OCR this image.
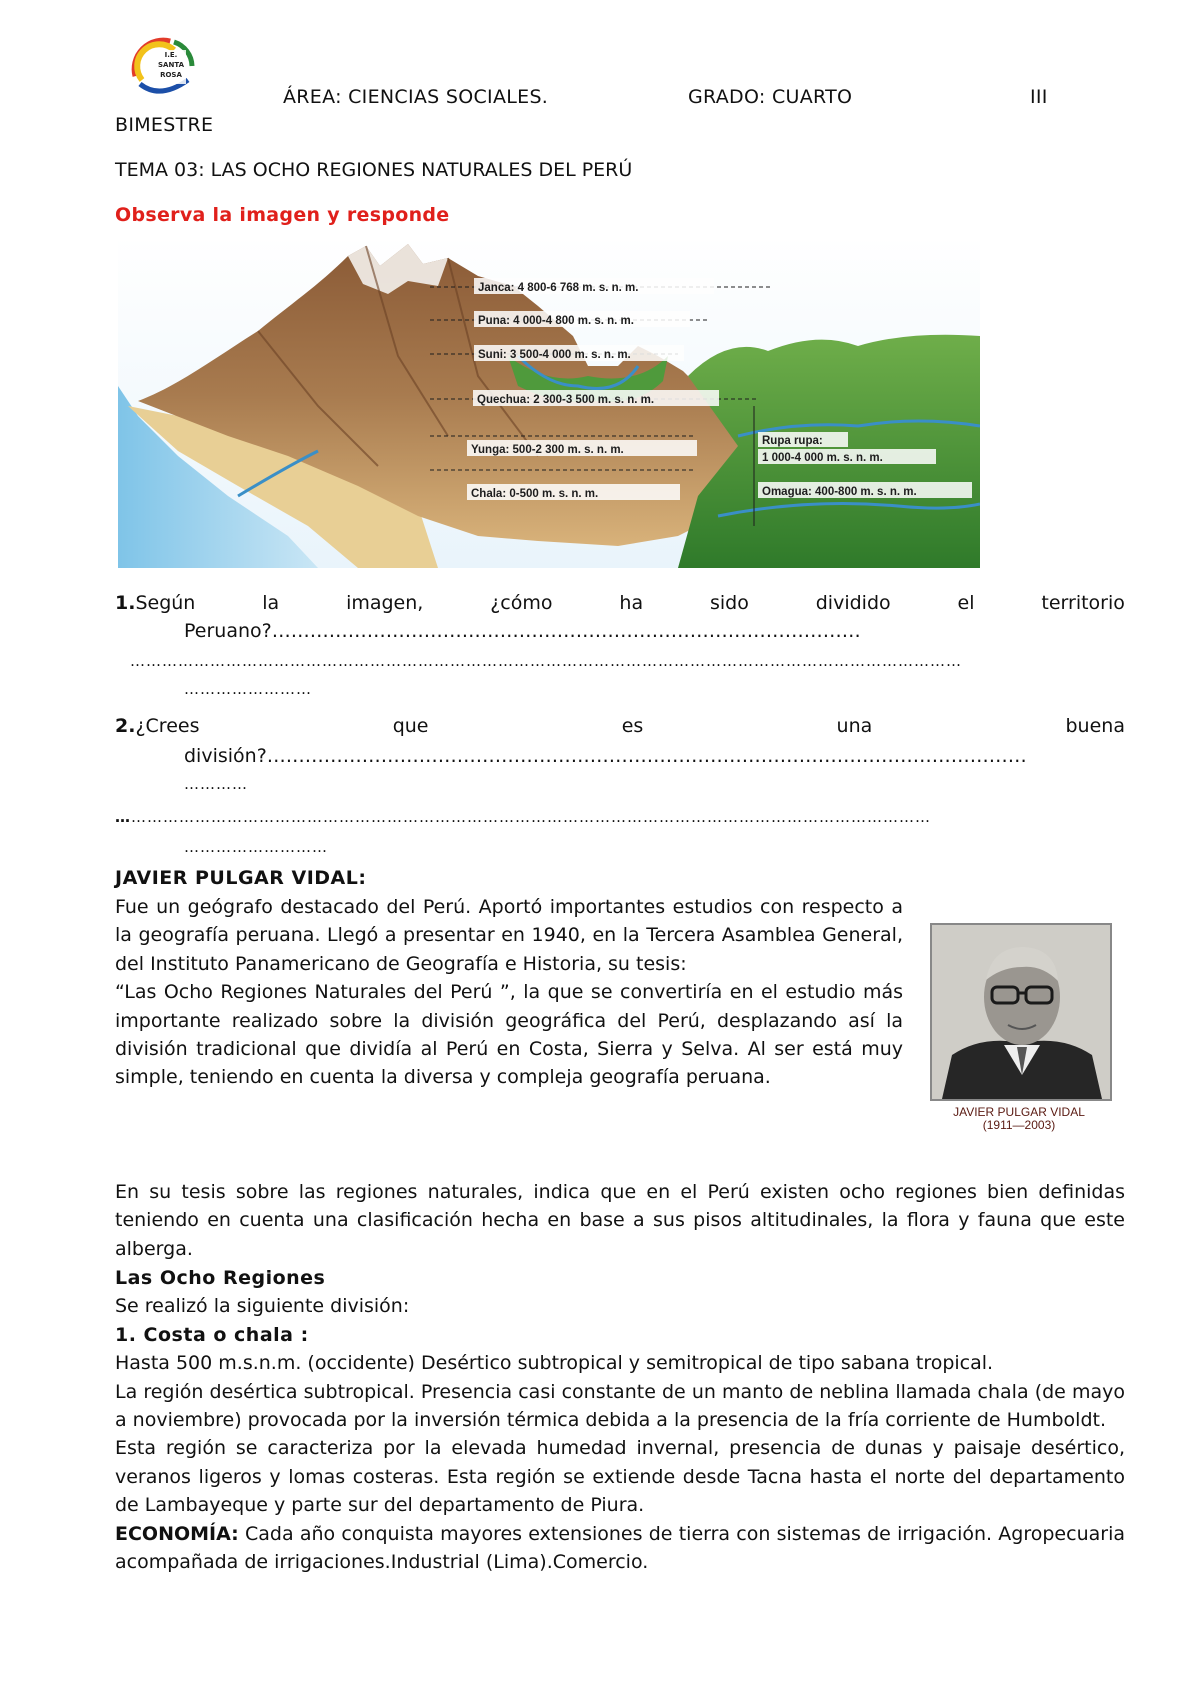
I.E.
SANTA
ROSA
ÁREA: CIENCIAS SOCIALES.	GRADO: CUARTO	III
BIMESTRE
TEMA 03: LAS OCHO REGIONES NATURALES DEL PERÚ
Observa la imagen y responde
Janca: 4 800-6 768 m. s. n. m.
Puna: 4 000-4 800 m. s. n. m.
Suni: 3 500-4 000 m. s. n. m.
Quechua: 2 300-3 500 m. s. n. m.
Yunga: 500-2 300 m. s. n. m.
Chala: 0-500 m. s. n. m.
Rupa rupa:
1 000-4 000 m. s. n. m.
Omagua: 400-800 m. s. n. m.
1.Según	la	imagen,	¿cómo	ha	sido	dividido	el	territorio
Peruano?…………………………………………………………………………………
…………………………………………………………………………………………………………………………………………
……………………
2.¿Crees	que	es	una	buena
división?…………………………………………………………………………………………………………
…………
………………………………………………………………………………………………………………………………………
………………………
JAVIER PULGAR VIDAL:

Fue un geógrafo destacado del Perú. Aportó importantes estudios con respecto a la geografía peruana. Llegó a presentar en 1940, en la Tercera Asamblea General, del Instituto Panamericano de Geografía e Historia, su tesis:

“Las Ocho Regiones Naturales del Perú ”, la que se convertiría en el estudio más importante realizado sobre la división geográfica del Perú, desplazando así la división tradicional que dividía al Perú en Costa, Sierra y Selva. Al ser está muy simple, teniendo en cuenta la diversa y compleja geografía peruana.

JAVIER PULGAR VIDAL
(1911—2003)
En su tesis sobre las regiones naturales, indica que en el Perú existen ocho regiones bien definidas teniendo en cuenta una clasificación hecha en base a sus pisos altitudinales, la flora y fauna que este alberga.

Las Ocho Regiones

Se realizó la siguiente división:

1. Costa o chala :

Hasta 500 m.s.n.m. (occidente) Desértico subtropical y semitropical de tipo sabana tropical.

La región desértica subtropical. Presencia casi constante de un manto de neblina llamada chala (de mayo a noviembre) provocada por la inversión térmica debida a la presencia de la fría corriente de Humboldt.

Esta región se caracteriza por la elevada humedad invernal, presencia de dunas y paisaje desértico, veranos ligeros y lomas costeras. Esta región se extiende desde Tacna hasta el norte del departamento de Lambayeque y parte sur del departamento de Piura.

ECONOMÍA: Cada año conquista mayores extensiones de tierra con sistemas de irrigación. Agropecuaria acompañada de irrigaciones.Industrial (Lima).Comercio.
